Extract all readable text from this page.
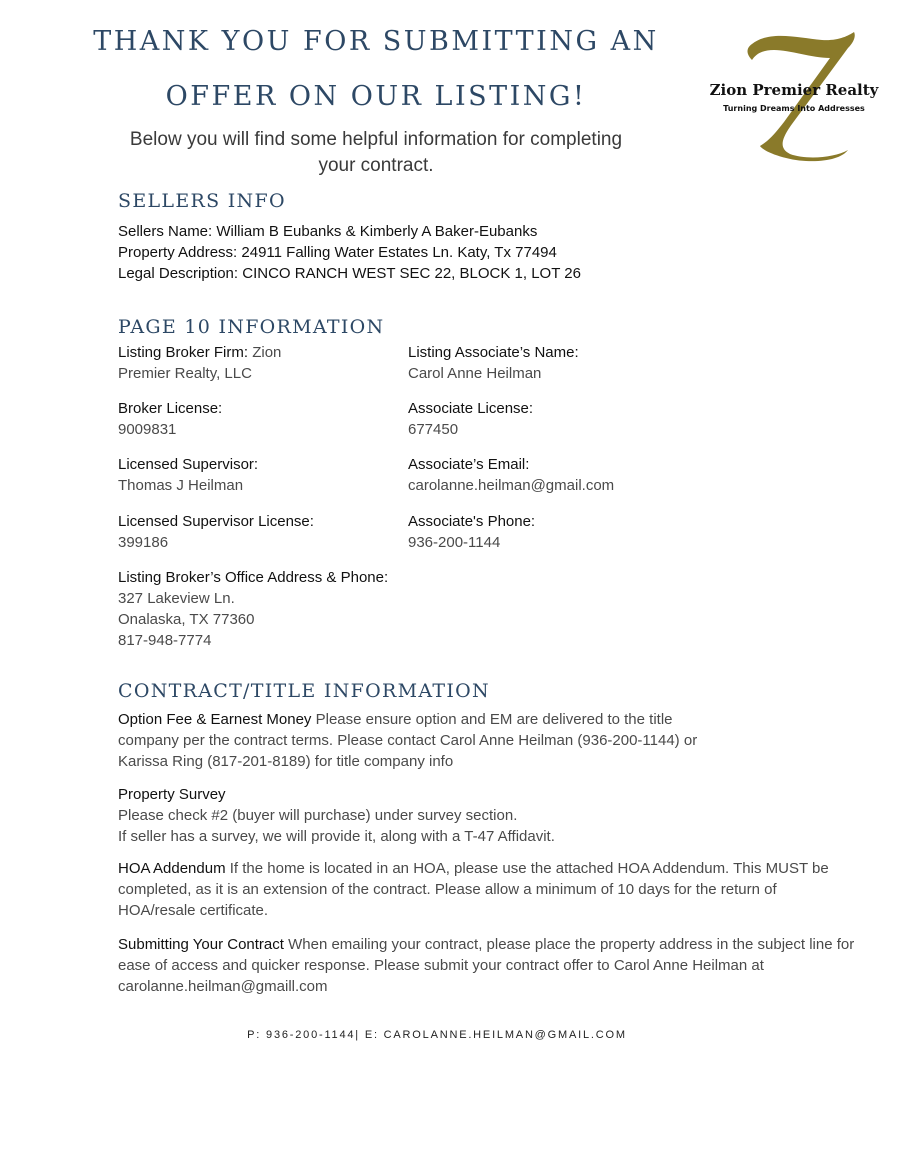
THANK YOU FOR SUBMITTING AN
OFFER ON OUR LISTING!
Below you will find some helpful information for completing
your contract.
Zion Premier Realty
Turning Dreams Into Addresses
SELLERS INFO
Sellers Name: William B Eubanks & Kimberly A Baker-Eubanks
Property Address: 24911 Falling Water Estates Ln. Katy, Tx 77494
Legal Description: CINCO RANCH WEST SEC 22, BLOCK 1, LOT 26
PAGE 10 INFORMATION
Listing Broker Firm: Zion
Premier Realty, LLC
Listing Associate’s Name:
Carol Anne Heilman
Broker License:
9009831
Associate License:
677450
Licensed Supervisor:
Thomas J Heilman
Associate’s Email:
carolanne.heilman@gmail.com
Licensed Supervisor License:
399186
Associate's Phone:
936-200-1144
Listing Broker’s Office Address & Phone:
327 Lakeview Ln.
Onalaska, TX 77360
817-948-7774
CONTRACT/TITLE INFORMATION
Option Fee & Earnest Money Please ensure option and EM are delivered to the title
company per the contract terms. Please contact Carol Anne Heilman (936-200-1144) or
Karissa Ring (817-201-8189) for title company info
Property Survey
Please check #2 (buyer will purchase) under survey section.
If seller has a survey, we will provide it, along with a T-47 Affidavit.
HOA Addendum If the home is located in an HOA, please use the attached HOA Addendum. This MUST be completed, as it is an extension of the contract. Please allow a minimum of 10 days for the return of HOA/resale certificate.
Submitting Your Contract When emailing your contract, please place the property address in the subject line for ease of access and quicker response. Please submit your contract offer to Carol Anne Heilman at carolanne.heilman@gmaill.com
P: 936-200-1144| E: CAROLANNE.HEILMAN@GMAIL.COM
